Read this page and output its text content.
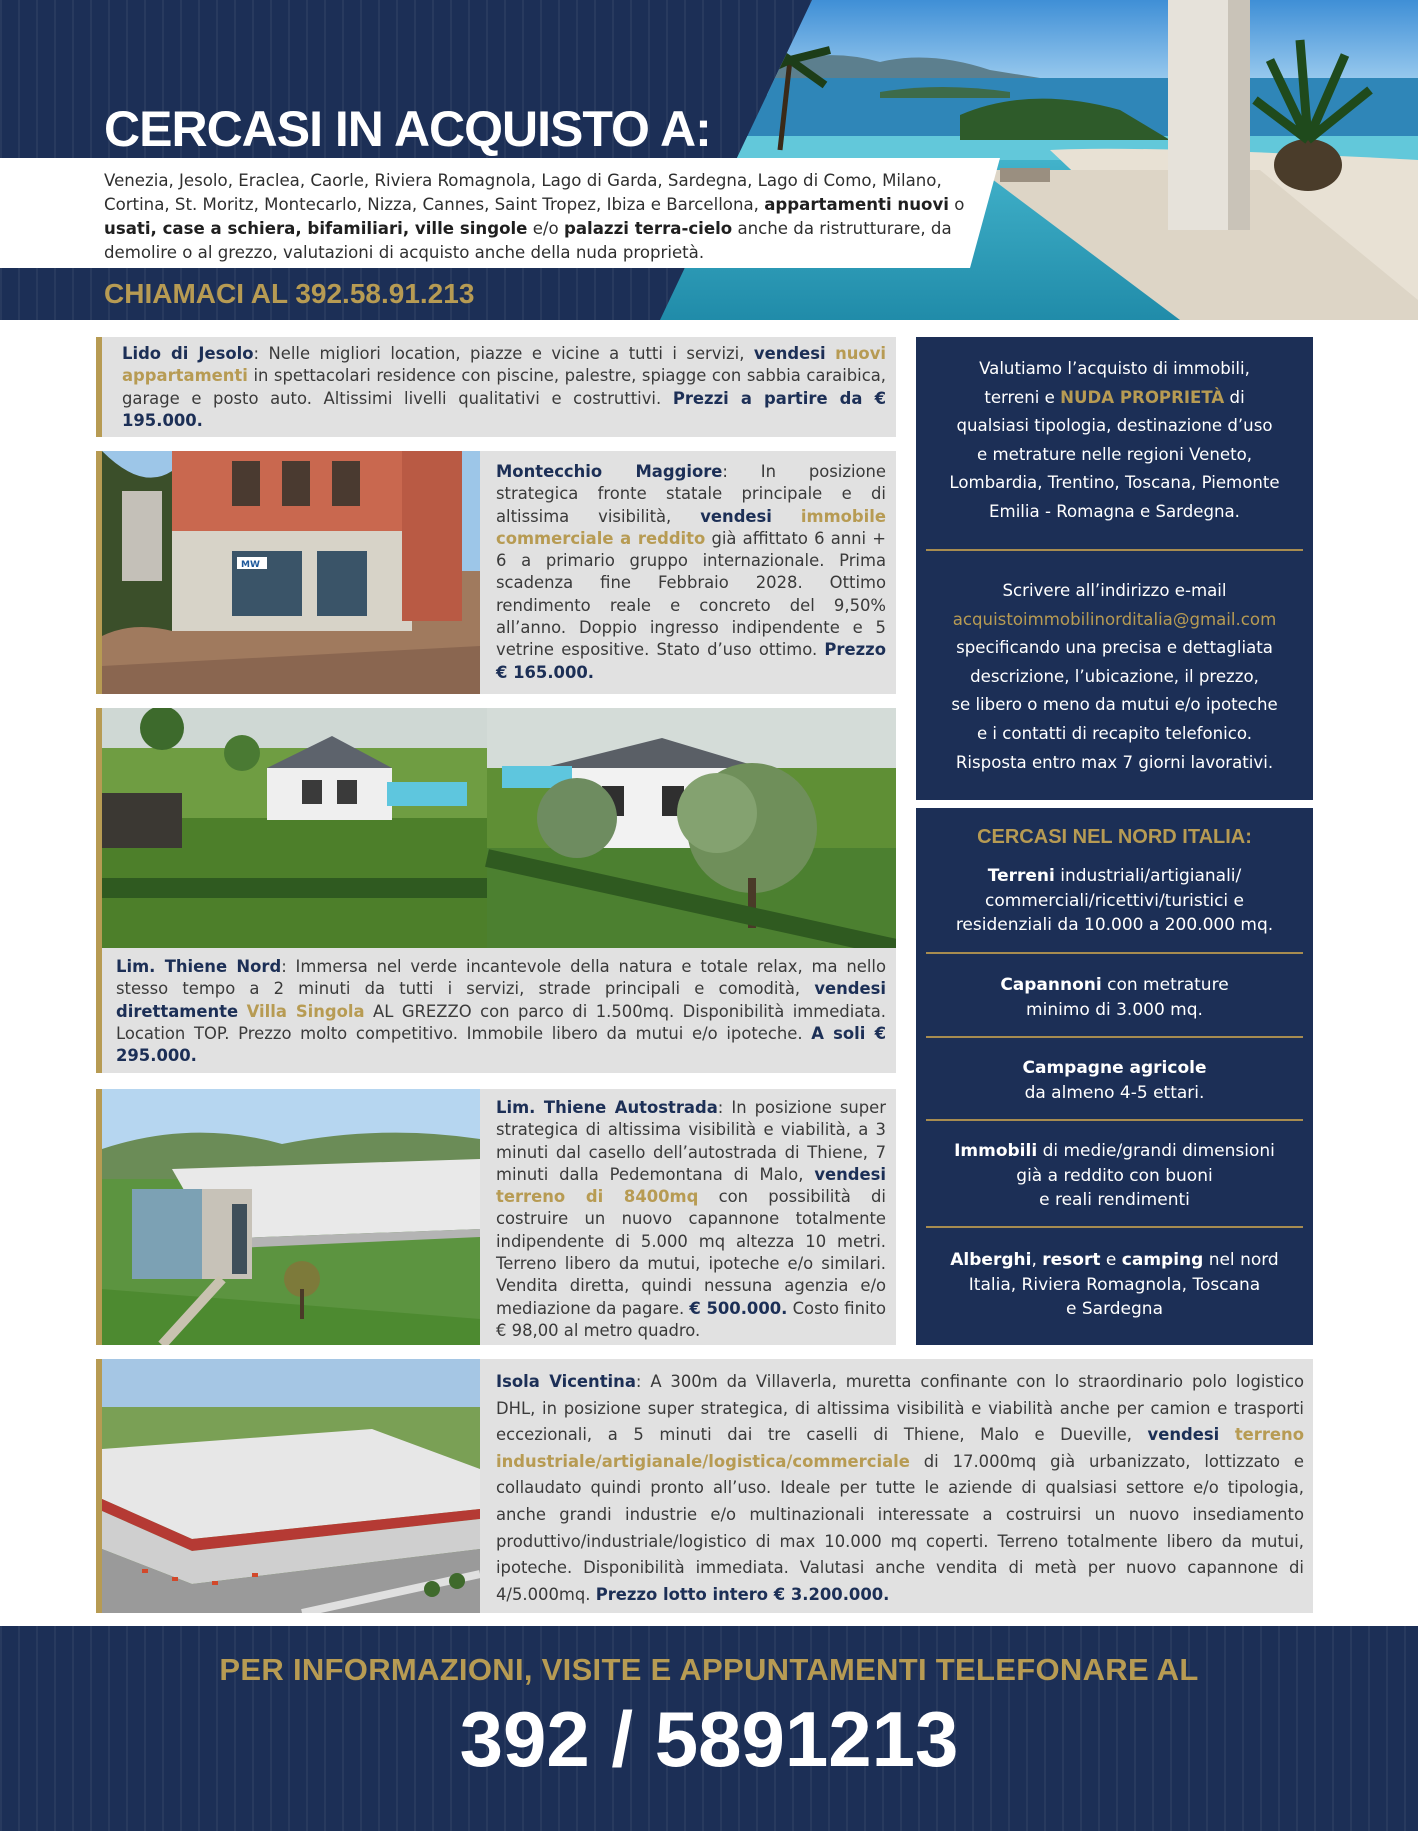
CERCASI IN ACQUISTO A:
Venezia, Jesolo, Eraclea, Caorle, Riviera Romagnola, Lago di Garda, Sardegna, Lago di Como, Milano, Cortina, St. Moritz, Montecarlo, Nizza, Cannes, Saint Tropez, Ibiza e Barcellona, appartamenti nuovi o usati, case a schiera, bifamiliari, ville singole e/o palazzi terra-cielo anche da ristrutturare, da demolire o al grezzo, valutazioni di acquisto anche della nuda proprietà.
CHIAMACI AL 392.58.91.213
Lido di Jesolo: Nelle migliori location, piazze e vicine a tutti i servizi, vendesi nuovi appartamenti in spettacolari residence con piscine, palestre, spiagge con sabbia caraibica, garage e posto auto. Altissimi livelli qualitativi e costruttivi. Prezzi a partire da € 195.000.
MW
Montecchio Maggiore: In posizione strategica fronte statale principale e di altissima visibilità, vendesi immobile commerciale a reddito già affittato 6 anni + 6 a primario gruppo internazionale. Prima scadenza fine Febbraio 2028. Ottimo rendimento reale e concreto del 9,50% all’anno. Doppio ingresso indipendente e 5 vetrine espositive. Stato d’uso ottimo. Prezzo € 165.000.
Lim. Thiene Nord: Immersa nel verde incantevole della natura e totale relax, ma nello stesso tempo a 2 minuti da tutti i servizi, strade principali e comodità, vendesi direttamente Villa Singola AL GREZZO con parco di 1.500mq. Disponibilità immediata. Location TOP. Prezzo molto competitivo. Immobile libero da mutui e/o ipoteche. A soli € 295.000.
Lim. Thiene Autostrada: In posizione super strategica di altissima visibilità e viabilità, a 3 minuti dal casello dell’autostrada di Thiene, 7 minuti dalla Pedemontana di Malo, vendesi terreno di 8400mq con possibilità di costruire un nuovo capannone totalmente indipendente di 5.000 mq altezza 10 metri. Terreno libero da mutui, ipoteche e/o similari. Vendita diretta, quindi nessuna agenzia e/o mediazione da pagare. € 500.000. Costo finito € 98,00 al metro quadro.
Isola Vicentina: A 300m da Villaverla, muretta confinante con lo straordinario polo logistico DHL, in posizione super strategica, di altissima visibilità e viabilità anche per camion e trasporti eccezionali, a 5 minuti dai tre caselli di Thiene, Malo e Dueville, vendesi terreno industriale/artigianale/logistica/commerciale di 17.000mq già urbanizzato, lottizzato e collaudato quindi pronto all’uso. Ideale per tutte le aziende di qualsiasi settore e/o tipologia, anche grandi industrie e/o multinazionali interessate a costruirsi un nuovo insediamento produttivo/industriale/logistico di max 10.000 mq coperti. Terreno totalmente libero da mutui, ipoteche. Disponibilità immediata. Valutasi anche vendita di metà per nuovo capannone di 4/5.000mq. Prezzo lotto intero € 3.200.000.
Valutiamo l’acquisto di immobili,
terreni e NUDA PROPRIETÀ di
qualsiasi tipologia, destinazione d’uso
e metrature nelle regioni Veneto,
Lombardia, Trentino, Toscana, Piemonte
Emilia - Romagna e Sardegna.
Scrivere all’indirizzo e-mail
acquistoimmobilinorditalia@gmail.com
specificando una precisa e dettagliata
descrizione, l’ubicazione, il prezzo,
se libero o meno da mutui e/o ipoteche
e i contatti di recapito telefonico.
Risposta entro max 7 giorni lavorativi.
CERCASI NEL NORD ITALIA:
Terreni industriali/artigianali/
commerciali/ricettivi/turistici e
residenziali da 10.000 a 200.000 mq.
Capannoni con metrature
minimo di 3.000 mq.
Campagne agricole
da almeno 4-5 ettari.
Immobili di medie/grandi dimensioni
già a reddito con buoni
e reali rendimenti
Alberghi, resort e camping nel nord
Italia, Riviera Romagnola, Toscana
e Sardegna
PER INFORMAZIONI, VISITE E APPUNTAMENTI TELEFONARE AL
392 / 5891213
